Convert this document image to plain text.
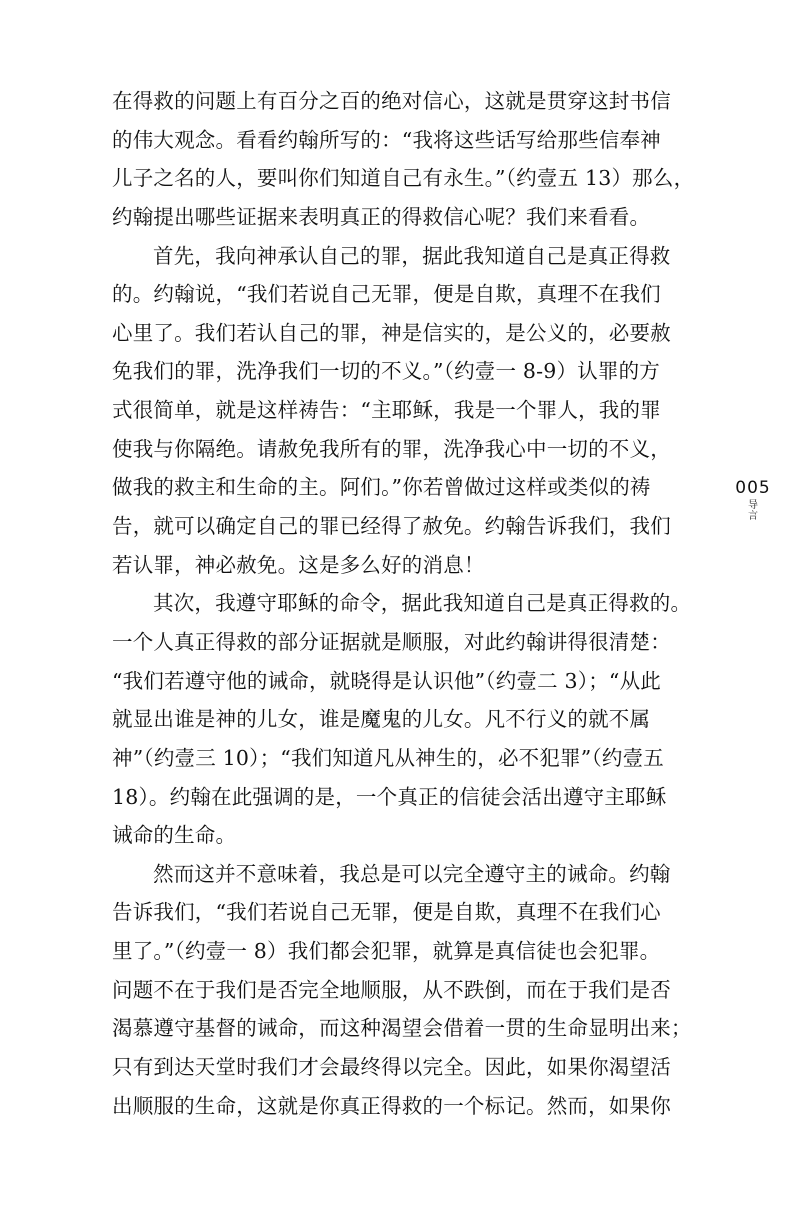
在得救的问题上有百分之百的绝对信心，这就是贯穿这封书信
的伟大观念。看看约翰所写的：“我将这些话写给那些信奉神
儿子之名的人，要叫你们知道自己有永生。”（约壹五 13）那么，
约翰提出哪些证据来表明真正的得救信心呢？我们来看看。
首先，我向神承认自己的罪，据此我知道自己是真正得救
的。约翰说，“我们若说自己无罪，便是自欺，真理不在我们
心里了。我们若认自己的罪，神是信实的，是公义的，必要赦
免我们的罪，洗净我们一切的不义。”（约壹一 8-9）认罪的方
式很简单，就是这样祷告：“主耶稣，我是一个罪人，我的罪
使我与你隔绝。请赦免我所有的罪，洗净我心中一切的不义，
做我的救主和生命的主。阿们。”你若曾做过这样或类似的祷
告，就可以确定自己的罪已经得了赦免。约翰告诉我们，我们
若认罪，神必赦免。这是多么好的消息！
其次，我遵守耶稣的命令，据此我知道自己是真正得救的。
一个人真正得救的部分证据就是顺服，对此约翰讲得很清楚：
“我们若遵守他的诫命，就晓得是认识他”（约壹二 3）；“从此
就显出谁是神的儿女，谁是魔鬼的儿女。凡不行义的就不属
神”（约壹三 10）；“我们知道凡从神生的，必不犯罪”（约壹五
18）。约翰在此强调的是，一个真正的信徒会活出遵守主耶稣
诫命的生命。
然而这并不意味着，我总是可以完全遵守主的诫命。约翰
告诉我们，“我们若说自己无罪，便是自欺，真理不在我们心
里了。”（约壹一 8）我们都会犯罪，就算是真信徒也会犯罪。
问题不在于我们是否完全地顺服，从不跌倒，而在于我们是否
渴慕遵守基督的诫命，而这种渴望会借着一贯的生命显明出来；
只有到达天堂时我们才会最终得以完全。因此，如果你渴望活
出顺服的生命，这就是你真正得救的一个标记。然而，如果你
005
导言
